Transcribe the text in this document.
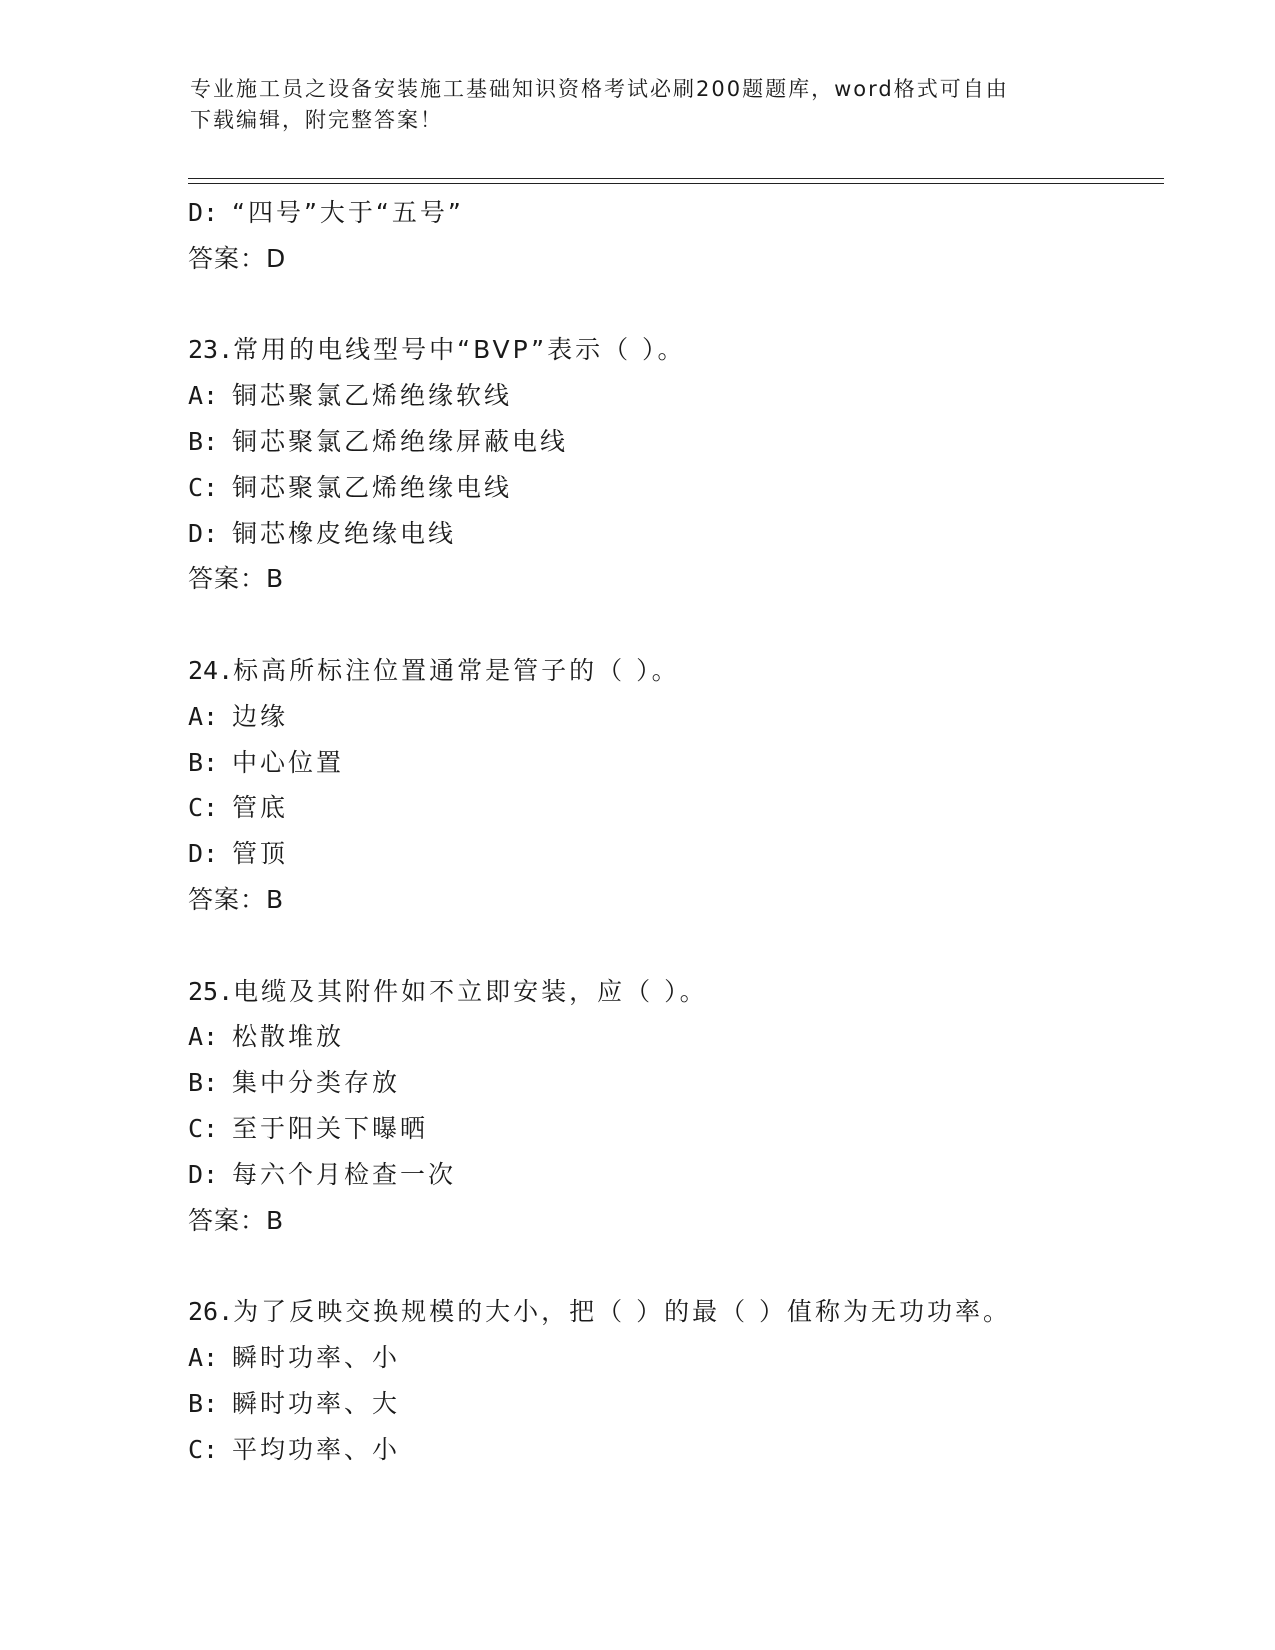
专业施工员之设备安装施工基础知识资格考试必刷200题题库，word格式可自由
下载编辑，附完整答案！
D: “四号”大于“五号”
答案：D
23.常用的电线型号中“BVP”表示（ ）。
A: 铜芯聚氯乙烯绝缘软线
B: 铜芯聚氯乙烯绝缘屏蔽电线
C: 铜芯聚氯乙烯绝缘电线
D: 铜芯橡皮绝缘电线
答案：B
24.标高所标注位置通常是管子的（ ）。
A: 边缘
B: 中心位置
C: 管底
D: 管顶
答案：B
25.电缆及其附件如不立即安装，应（ ）。
A: 松散堆放
B: 集中分类存放
C: 至于阳关下曝晒
D: 每六个月检查一次
答案：B
26.为了反映交换规模的大小，把（ ）的最（ ）值称为无功功率。
A: 瞬时功率、小
B: 瞬时功率、大
C: 平均功率、小
